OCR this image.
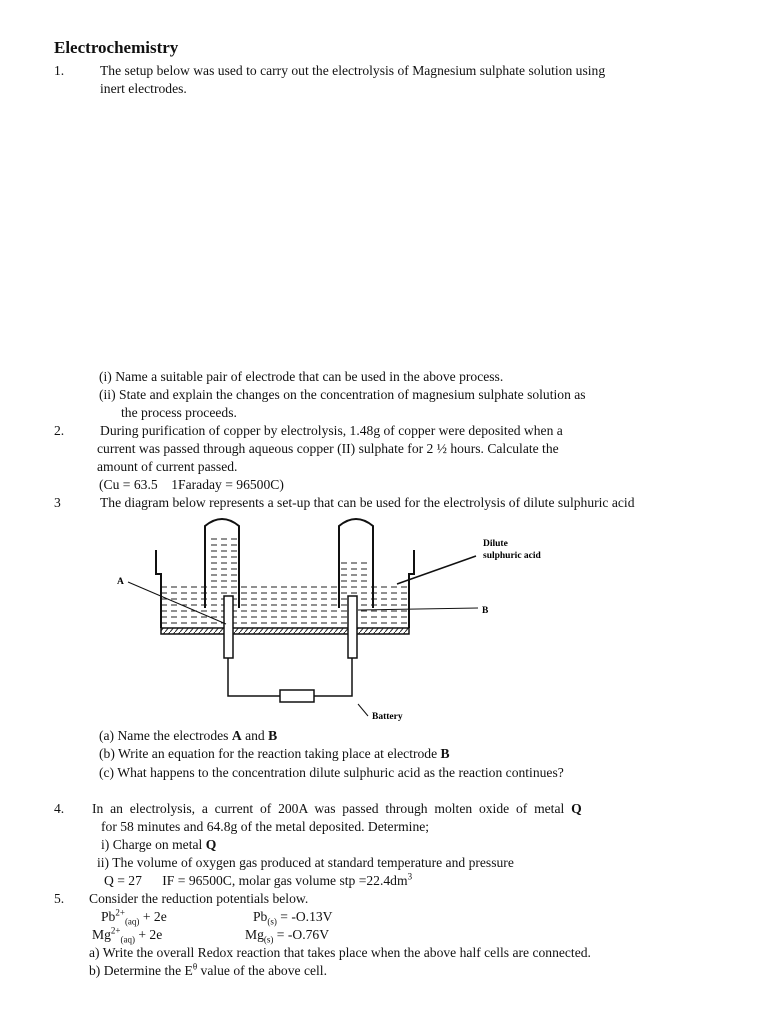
Electrochemistry
1.	The setup below was used to carry out the electrolysis of Magnesium sulphate solution using
inert electrodes.
(i) Name a suitable pair of electrode that can be used in the above process.
(ii) State and explain the changes on the concentration of magnesium sulphate solution as
the process proceeds.
2.	During purification of copper by electrolysis, 1.48g of copper were deposited when a
current was passed through aqueous copper (II) sulphate for 2 ½ hours. Calculate the
amount of current passed.
(Cu = 63.5    1Faraday = 96500C)
3	The diagram below represents a set-up that can be used for the electrolysis of dilute sulphuric acid
Dilute
sulphuric acid
A
B
Battery
(a) Name the electrodes A and B
(b) Write an equation for the reaction taking place at electrode B
(c) What happens to the concentration dilute sulphuric acid as the reaction continues?
4. In  an  electrolysis,  a  current  of  200A  was  passed  through  molten  oxide  of  metal  Q
for 58 minutes and 64.8g of the metal deposited. Determine;
i) Charge on metal Q
ii) The volume of oxygen gas produced at standard temperature and pressure
Q = 27      IF = 96500C, molar gas volume stp $=22.4dm^3$
5. Consider the reduction potentials below.
$Pb^{2+}_{(aq)} + 2e$	$Pb_{(s)} = -O.13V$
$Mg^{2+}_{(aq)} + 2e$	$Mg_{(s)} = -O.76V$
a) Write the overall Redox reaction that takes place when the above half cells are connected.
b) Determine the $E^\theta$ value of the above cell.
